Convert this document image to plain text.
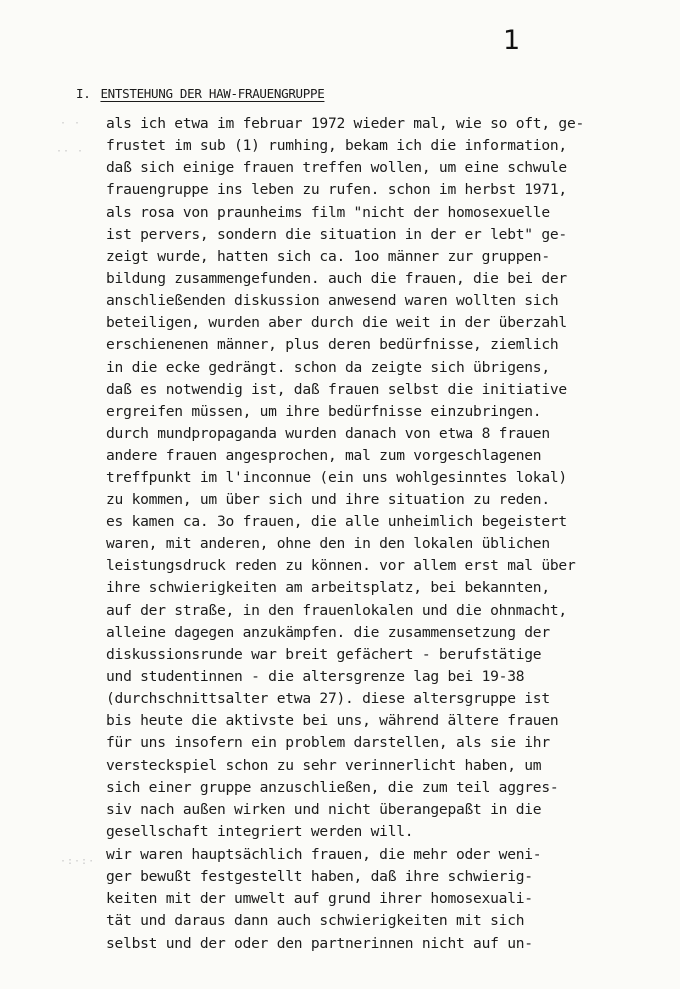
1
I. ENTSTEHUNG DER HAW-FRAUENGRUPPE
· ·
·· ·
·:·:·
als ich etwa im februar 1972 wieder mal, wie so oft, ge-
frustet im sub (1) rumhing, bekam ich die information,
daß sich einige frauen treffen wollen, um eine schwule
frauengruppe ins leben zu rufen. schon im herbst 1971,
als rosa von praunheims film "nicht der homosexuelle
ist pervers, sondern die situation in der er lebt" ge-
zeigt wurde, hatten sich ca. 1oo männer zur gruppen-
bildung zusammengefunden. auch die frauen, die bei der
anschließenden diskussion anwesend waren wollten sich
beteiligen, wurden aber durch die weit in der überzahl
erschienenen männer, plus deren bedürfnisse, ziemlich
in die ecke gedrängt. schon da zeigte sich übrigens,
daß es notwendig ist, daß frauen selbst die initiative
ergreifen müssen, um ihre bedürfnisse einzubringen.
durch mundpropaganda wurden danach von etwa 8 frauen
andere frauen angesprochen, mal zum vorgeschlagenen
treffpunkt im l'inconnue (ein uns wohlgesinntes lokal)
zu kommen, um über sich und ihre situation zu reden.
es kamen ca. 3o frauen, die alle unheimlich begeistert
waren, mit anderen, ohne den in den lokalen üblichen
leistungsdruck reden zu können. vor allem erst mal über
ihre schwierigkeiten am arbeitsplatz, bei bekannten,
auf der straße, in den frauenlokalen und die ohnmacht,
alleine dagegen anzukämpfen. die zusammensetzung der
diskussionsrunde war breit gefächert - berufstätige
und studentinnen - die altersgrenze lag bei 19-38
(durchschnittsalter etwa 27). diese altersgruppe ist
bis heute die aktivste bei uns, während ältere frauen
für uns insofern ein problem darstellen, als sie ihr
versteckspiel schon zu sehr verinnerlicht haben, um
sich einer gruppe anzuschließen, die zum teil aggres-
siv nach außen wirken und nicht überangepaßt in die
gesellschaft integriert werden will.
wir waren hauptsächlich frauen, die mehr oder weni-
ger bewußt festgestellt haben, daß ihre schwierig-
keiten mit der umwelt auf grund ihrer homosexuali-
tät und daraus dann auch schwierigkeiten mit sich
selbst und der oder den partnerinnen nicht auf un-
